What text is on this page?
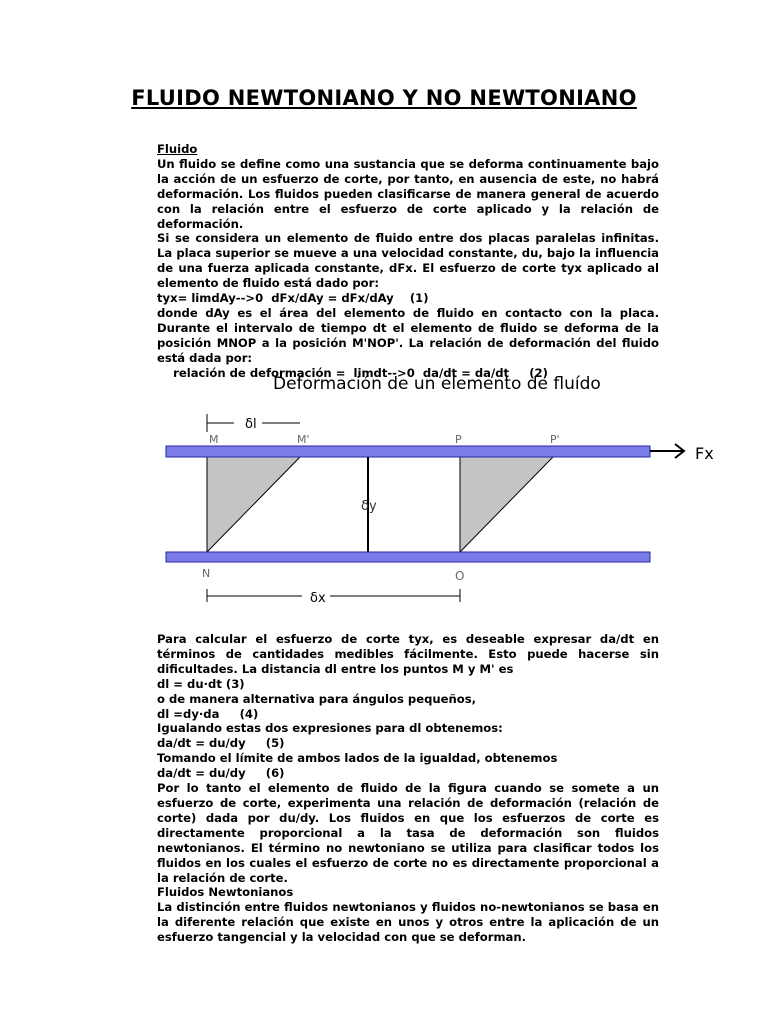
FLUIDO NEWTONIANO Y NO NEWTONIANO
Fluido

Un fluido se define como una sustancia que se deforma continuamente bajo la acción de un esfuerzo de corte, por tanto, en ausencia de este, no habrá deformación. Los fluidos pueden clasificarse de manera general de acuerdo con la relación entre el esfuerzo de corte aplicado y la relación de deformación.

Si se considera un elemento de fluido entre dos placas paralelas infinitas. La placa superior se mueve a una velocidad constante, du, bajo la influencia de una fuerza aplicada constante, dFx. El esfuerzo de corte tyx aplicado al elemento de fluido está dado por:

tyx= limdAy-->0  dFx/dAy = dFx/dAy    (1)

donde dAy es el área del elemento de fluido en contacto con la placa. Durante el intervalo de tiempo dt el elemento de fluido se deforma de la posición MNOP a la posición M'NOP'. La relación de deformación del fluido está dada por:

relación de deformación =  limdt-->0  da/dt = da/dt     (2)
Deformación de un elemento de fluído
δl
M	M'	P	P'
δy
Fx
N	O
δx

Para calcular el esfuerzo de corte tyx, es deseable expresar da/dt en términos de cantidades medibles fácilmente. Esto puede hacerse sin dificultades. La distancia dl entre los puntos M y M' es

dl = du·dt (3)
o de manera alternativa para ángulos pequeños,
dl =dy·da     (4)
Igualando estas dos expresiones para dl obtenemos:
da/dt = du/dy     (5)
Tomando el límite de ambos lados de la igualdad, obtenemos
da/dt = du/dy     (6)

Por lo tanto el elemento de fluido de la figura cuando se somete a un esfuerzo de corte, experimenta una relación de deformación (relación de corte) dada por du/dy. Los fluidos en que los esfuerzos de corte es directamente proporcional a la tasa de deformación son fluidos newtonianos. El término no newtoniano se utiliza para clasificar todos los fluidos en los cuales el esfuerzo de corte no es directamente proporcional a la relación de corte.

Fluidos Newtonianos

La distinción entre fluidos newtonianos y fluidos no-newtonianos se basa en la diferente relación que existe en unos y otros entre la aplicación de un esfuerzo tangencial y la velocidad con que se deforman.
